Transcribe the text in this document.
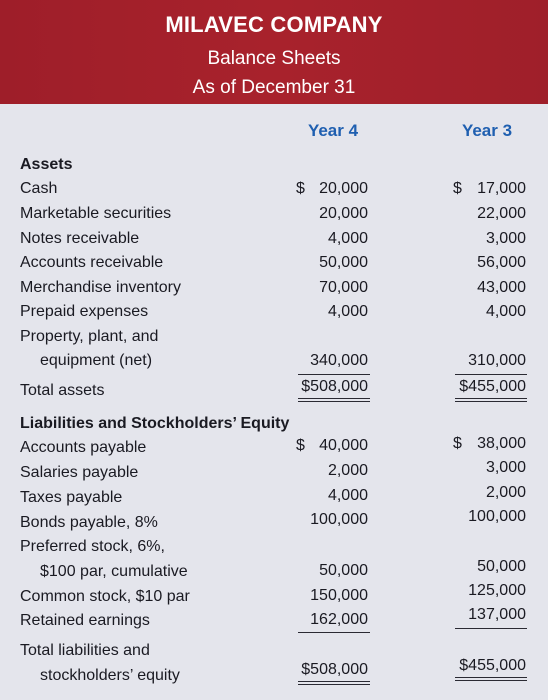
MILAVEC COMPANY
Balance Sheets
As of December 31
Year 4	Year 3
Assets
Cash	$ 20,000	$ 17,000
Marketable securities	20,000	22,000
Notes receivable	4,000	3,000
Accounts receivable	50,000	56,000
Merchandise inventory	70,000	43,000
Prepaid expenses	4,000	4,000
Property, plant, and
equipment (net)	340,000	310,000
Total assets	$508,000	$455,000
Liabilities and Stockholders’ Equity
Accounts payable	$ 40,000	$ 38,000
Salaries payable	2,000	3,000
Taxes payable	4,000	2,000
Bonds payable, 8%	100,000	100,000
Preferred stock, 6%,
$100 par, cumulative	50,000	50,000
Common stock, $10 par	150,000	125,000
Retained earnings	162,000	137,000
Total liabilities and
stockholders’ equity	$508,000	$455,000
